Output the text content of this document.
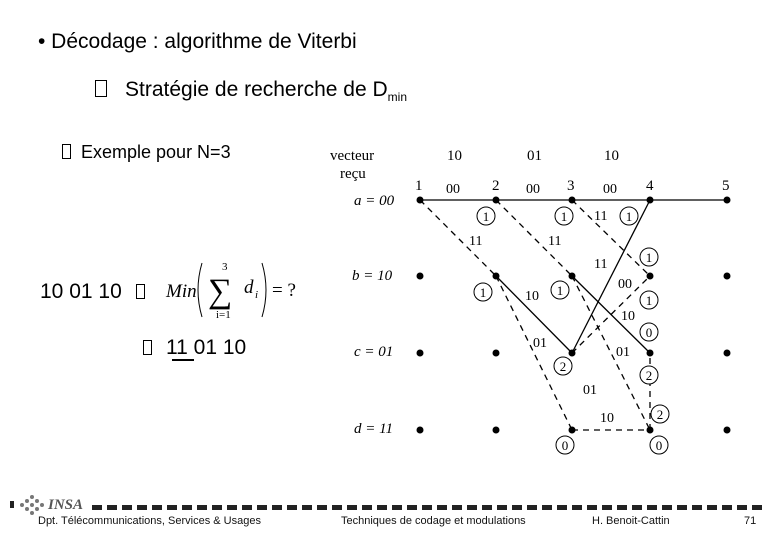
• Décodage : algorithme de Viterbi
Stratégie de recherche de $D_{min}$
Exemple pour N=3
10 01 10	Min
3
∑
i=1
d i = ?
11 01 10
vecteur
reçu
10	01	10
1	2	3	4	5
a = 00
b = 10
c = 01
d = 11
00	00	00
11	11
11
11
10
10
01
01
01
00
10
1	1	1
1	1
1
1
0
2
2
2
0	0
INSA
Dpt. Télécommunications, Services & Usages	Techniques de codage et modulations	H. Benoit-Cattin	71
